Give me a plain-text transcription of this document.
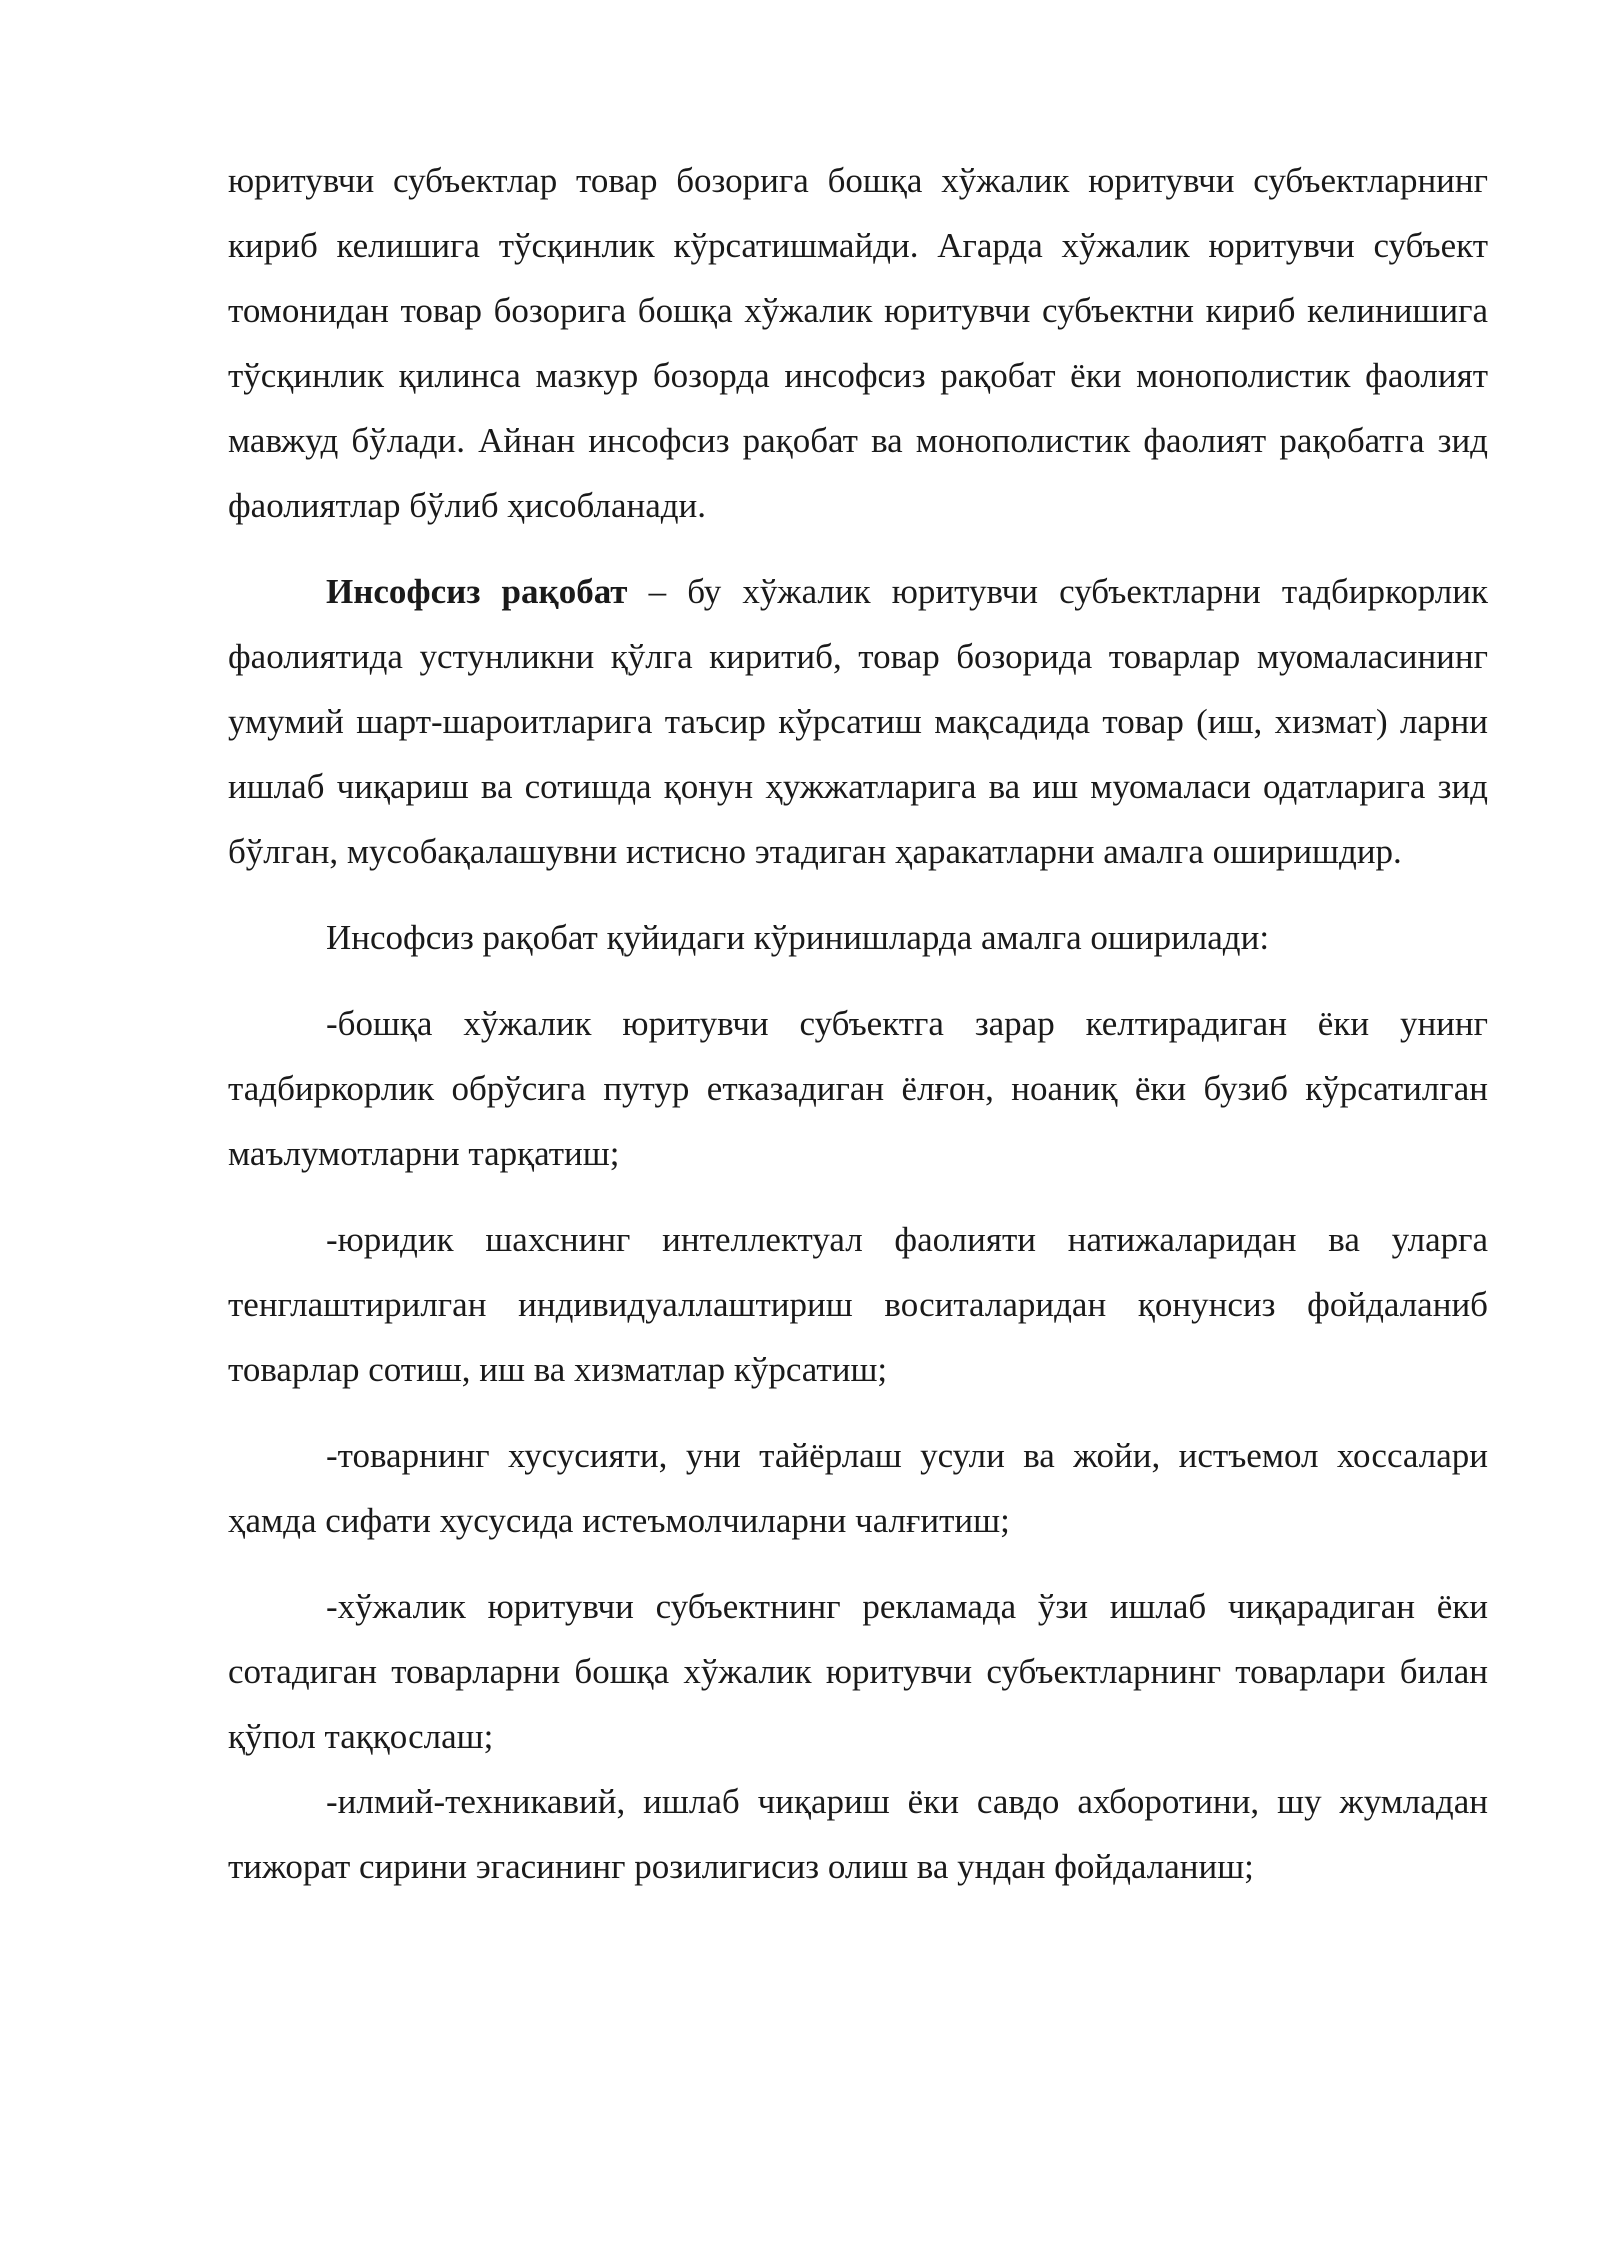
юритувчи субъектлар товар бозорига бошқа хўжалик юритувчи субъектларнинг кириб келишига тўсқинлик кўрсатишмайди. Агарда хўжалик юритувчи субъект томонидан товар бозорига бошқа хўжалик юритувчи субъектни кириб келинишига тўсқинлик қилинса мазкур бозорда инсофсиз рақобат ёки монополистик фаолият мавжуд бўлади. Айнан инсофсиз рақобат ва монополистик фаолият рақобатга зид фаолиятлар бўлиб ҳисобланади.

Инсофсиз рақобат – бу хўжалик юритувчи субъектларни тадбиркорлик фаолиятида устунликни қўлга киритиб, товар бозорида товарлар муомаласининг умумий шарт-шароитларига таъсир кўрсатиш мақсадида товар (иш, хизмат) ларни ишлаб чиқариш ва сотишда қонун ҳужжатларига ва иш муомаласи одатларига зид бўлган, мусобақалашувни истисно этадиган ҳаракатларни амалга оширишдир.

Инсофсиз рақобат қуйидаги кўринишларда амалга оширилади:

-бошқа хўжалик юритувчи субъектга зарар келтирадиган ёки унинг тадбиркорлик обрўсига путур етказадиган ёлғон, ноаниқ ёки бузиб кўрсатилган маълумотларни тарқатиш;

-юридик шахснинг интеллектуал фаолияти натижаларидан ва уларга тенглаштирилган индивидуаллаштириш воситаларидан қонунсиз фойдаланиб товарлар сотиш, иш ва хизматлар кўрсатиш;

-товарнинг хусусияти, уни тайёрлаш усули ва жойи, истъемол хоссалари ҳамда сифати хусусида истеъмолчиларни чалғитиш;

-хўжалик юритувчи субъектнинг рекламада ўзи ишлаб чиқарадиган ёки сотадиган товарларни бошқа хўжалик юритувчи субъектларнинг товарлари билан қўпол таққослаш;

-илмий-техникавий, ишлаб чиқариш ёки савдо ахборотини, шу жумладан тижорат сирини эгасининг розилигисиз олиш ва ундан фойдаланиш;
